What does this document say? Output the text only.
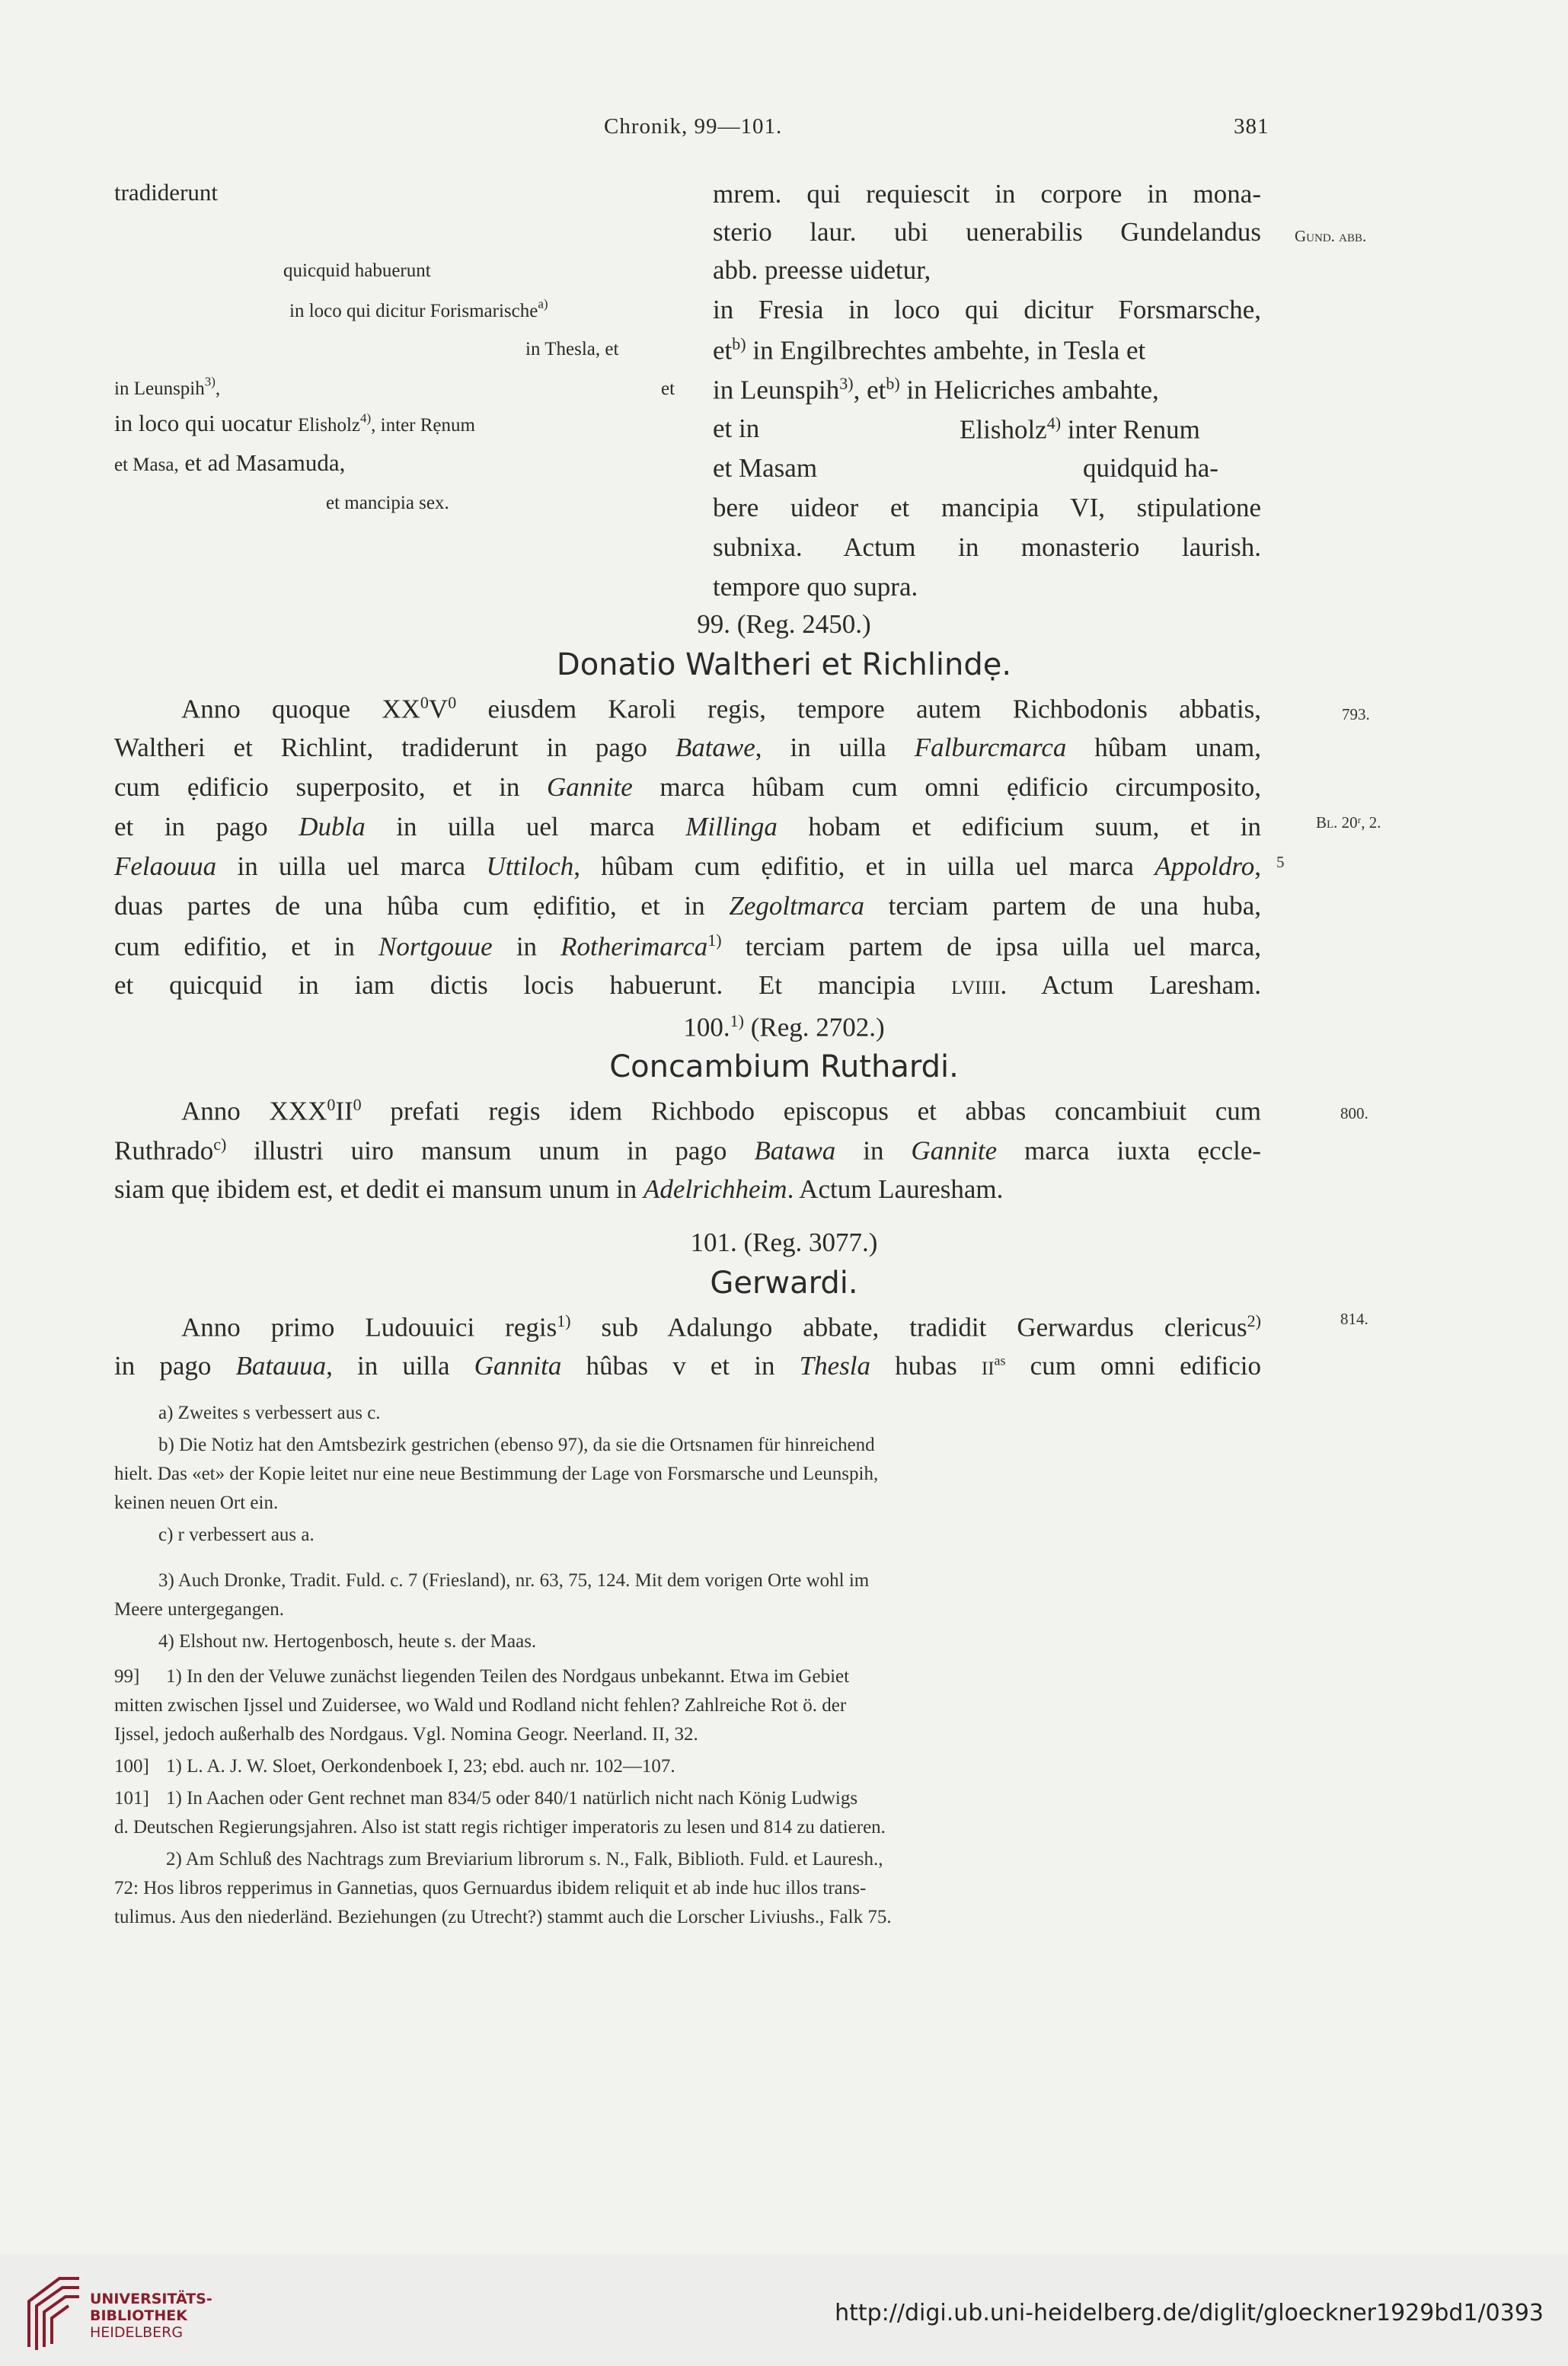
Chronik, 99—101.	381
tradiderunt
quicquid habuerunt
in loco qui dicitur Forismarische$^{a)}$
in Thesla, et
in Leunspih$^{3)}$,	et
in loco qui uocatur Elisholz$^{4)}$, inter Rẹnum
et Masa, et ad Masamuda,
et mancipia sex.
mrem. qui requiescit in corpore in mona-
sterio laur. ubi uenerabilis Gundelandus
abb. preesse uidetur,
in Fresia in loco qui dicitur Forsmarsche,
$et^{b)}$ in Engilbrechtes ambehte, in Tesla et
in Leunspih$^{3)}$, $et^{b)}$ in Helicriches ambahte,
et in	Elisholz$^{4)}$ inter Renum
et Masam	quidquid ha-
bere uideor et mancipia VI, stipulatione
subnixa. Actum in monasterio laurish.
tempore quo supra.
Gund. abb.
793.
Bl. 20ʳ, 2.
5
800.
814.
99. (Reg. 2450.)
Donatio Waltheri et Richlindẹ.
Anno quoque $XX^0V^0$ eiusdem Karoli regis, tempore autem Richbodonis abbatis,
Waltheri et Richlint, tradiderunt in pago Batawe, in uilla Falburcmarca hûbam unam,
cum ẹdificio superposito, et in Gannite marca hûbam cum omni ẹdificio circumposito,
et in pago Dubla in uilla uel marca Millinga hobam et edificium suum, et in
Felaouua in uilla uel marca Uttiloch, hûbam cum ẹdifitio, et in uilla uel marca Appoldro,
duas partes de una hûba cum ẹdifitio, et in Zegoltmarca terciam partem de una huba,
cum edifitio, et in Nortgouue in Rotherimarca$^{1)}$ terciam partem de ipsa uilla uel marca,
et quicquid in iam dictis locis habuerunt. Et mancipia lviiii. Actum Laresham.
100.$^{1)}$ (Reg. 2702.)
Concambium Ruthardi.
Anno $XXX^0II^0$ prefati regis idem Richbodo episcopus et abbas concambiuit cum
Ruthrado$^{c)}$ illustri uiro mansum unum in pago Batawa in Gannite marca iuxta ẹccle-
siam quẹ ibidem est, et dedit ei mansum unum in Adelrichheim. Actum Lauresham.
101. (Reg. 3077.)
Gerwardi.
Anno primo Ludouuici regis$^{1)}$ sub Adalungo abbate, tradidit Gerwardus clericus$^{2)}$
in pago Batauua, in uilla Gannita hûbas v et in Thesla hubas $ii^{as}$ cum omni edificio
a) Zweites s verbessert aus c.
b) Die Notiz hat den Amtsbezirk gestrichen (ebenso 97), da sie die Ortsnamen für hinreichend
hielt. Das «et» der Kopie leitet nur eine neue Bestimmung der Lage von Forsmarsche und Leunspih,
keinen neuen Ort ein.
c) r verbessert aus a.
3) Auch Dronke, Tradit. Fuld. c. 7 (Friesland), nr. 63, 75, 124. Mit dem vorigen Orte wohl im
Meere untergegangen.
4) Elshout nw. Hertogenbosch, heute s. der Maas.
99] 1) In den der Veluwe zunächst liegenden Teilen des Nordgaus unbekannt. Etwa im Gebiet
mitten zwischen Ijssel und Zuidersee, wo Wald und Rodland nicht fehlen? Zahlreiche Rot ö. der
Ijssel, jedoch außerhalb des Nordgaus. Vgl. Nomina Geogr. Neerland. II, 32.
100] 1) L. A. J. W. Sloet, Oerkondenboek I, 23; ebd. auch nr. 102—107.
101] 1) In Aachen oder Gent rechnet man 834/5 oder 840/1 natürlich nicht nach König Ludwigs
d. Deutschen Regierungsjahren. Also ist statt regis richtiger imperatoris zu lesen und 814 zu datieren.
2) Am Schluß des Nachtrags zum Breviarium librorum s. N., Falk, Biblioth. Fuld. et Lauresh.,
72: Hos libros repperimus in Gannetias, quos Gernuardus ibidem reliquit et ab inde huc illos trans-
tulimus. Aus den niederländ. Beziehungen (zu Utrecht?) stammt auch die Lorscher Liviushs., Falk 75.
UNIVERSITÄTS-
BIBLIOTHEK
HEIDELBERG
http://digi.ub.uni-heidelberg.de/diglit/gloeckner1929bd1/0393
